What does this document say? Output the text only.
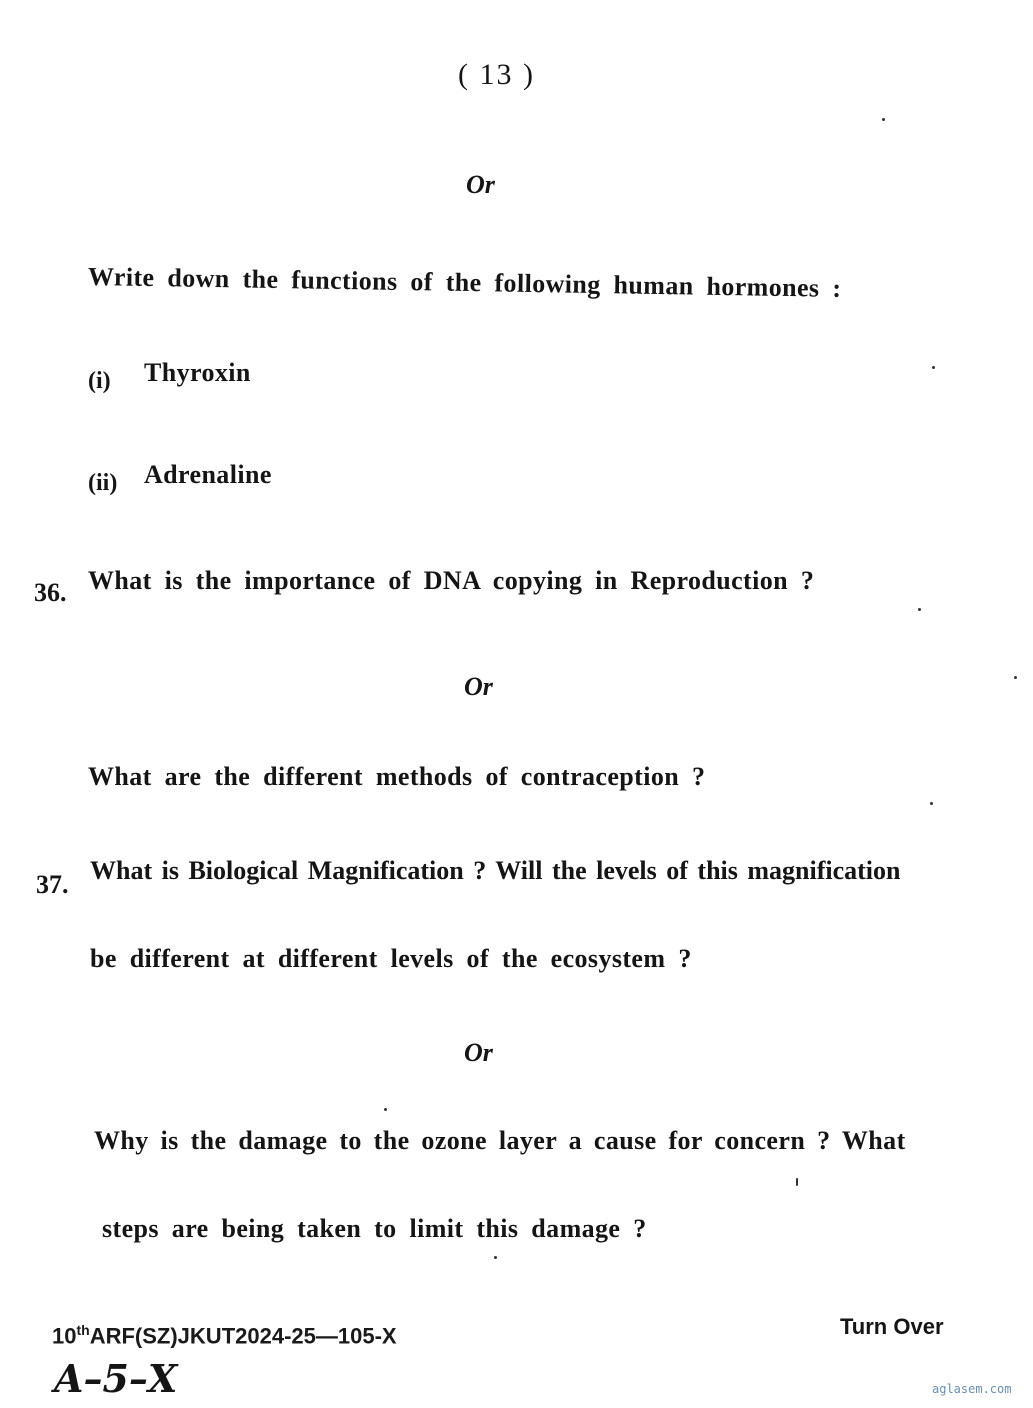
( 13 )
Or
Write down the functions of the following human hormones :
(i) Thyroxin
(ii) Adrenaline
36. What is the importance of DNA copying in Reproduction ?
Or
What are the different methods of contraception ?
37. What is Biological Magnification ? Will the levels of this magnification
be different at different levels of the ecosystem ?
Or
Why is the damage to the ozone layer a cause for concern ? What
steps are being taken to limit this damage ?
10thARF(SZ)JKUT2024-25—105-X	Turn Over
A–5–X	aglasem.com
